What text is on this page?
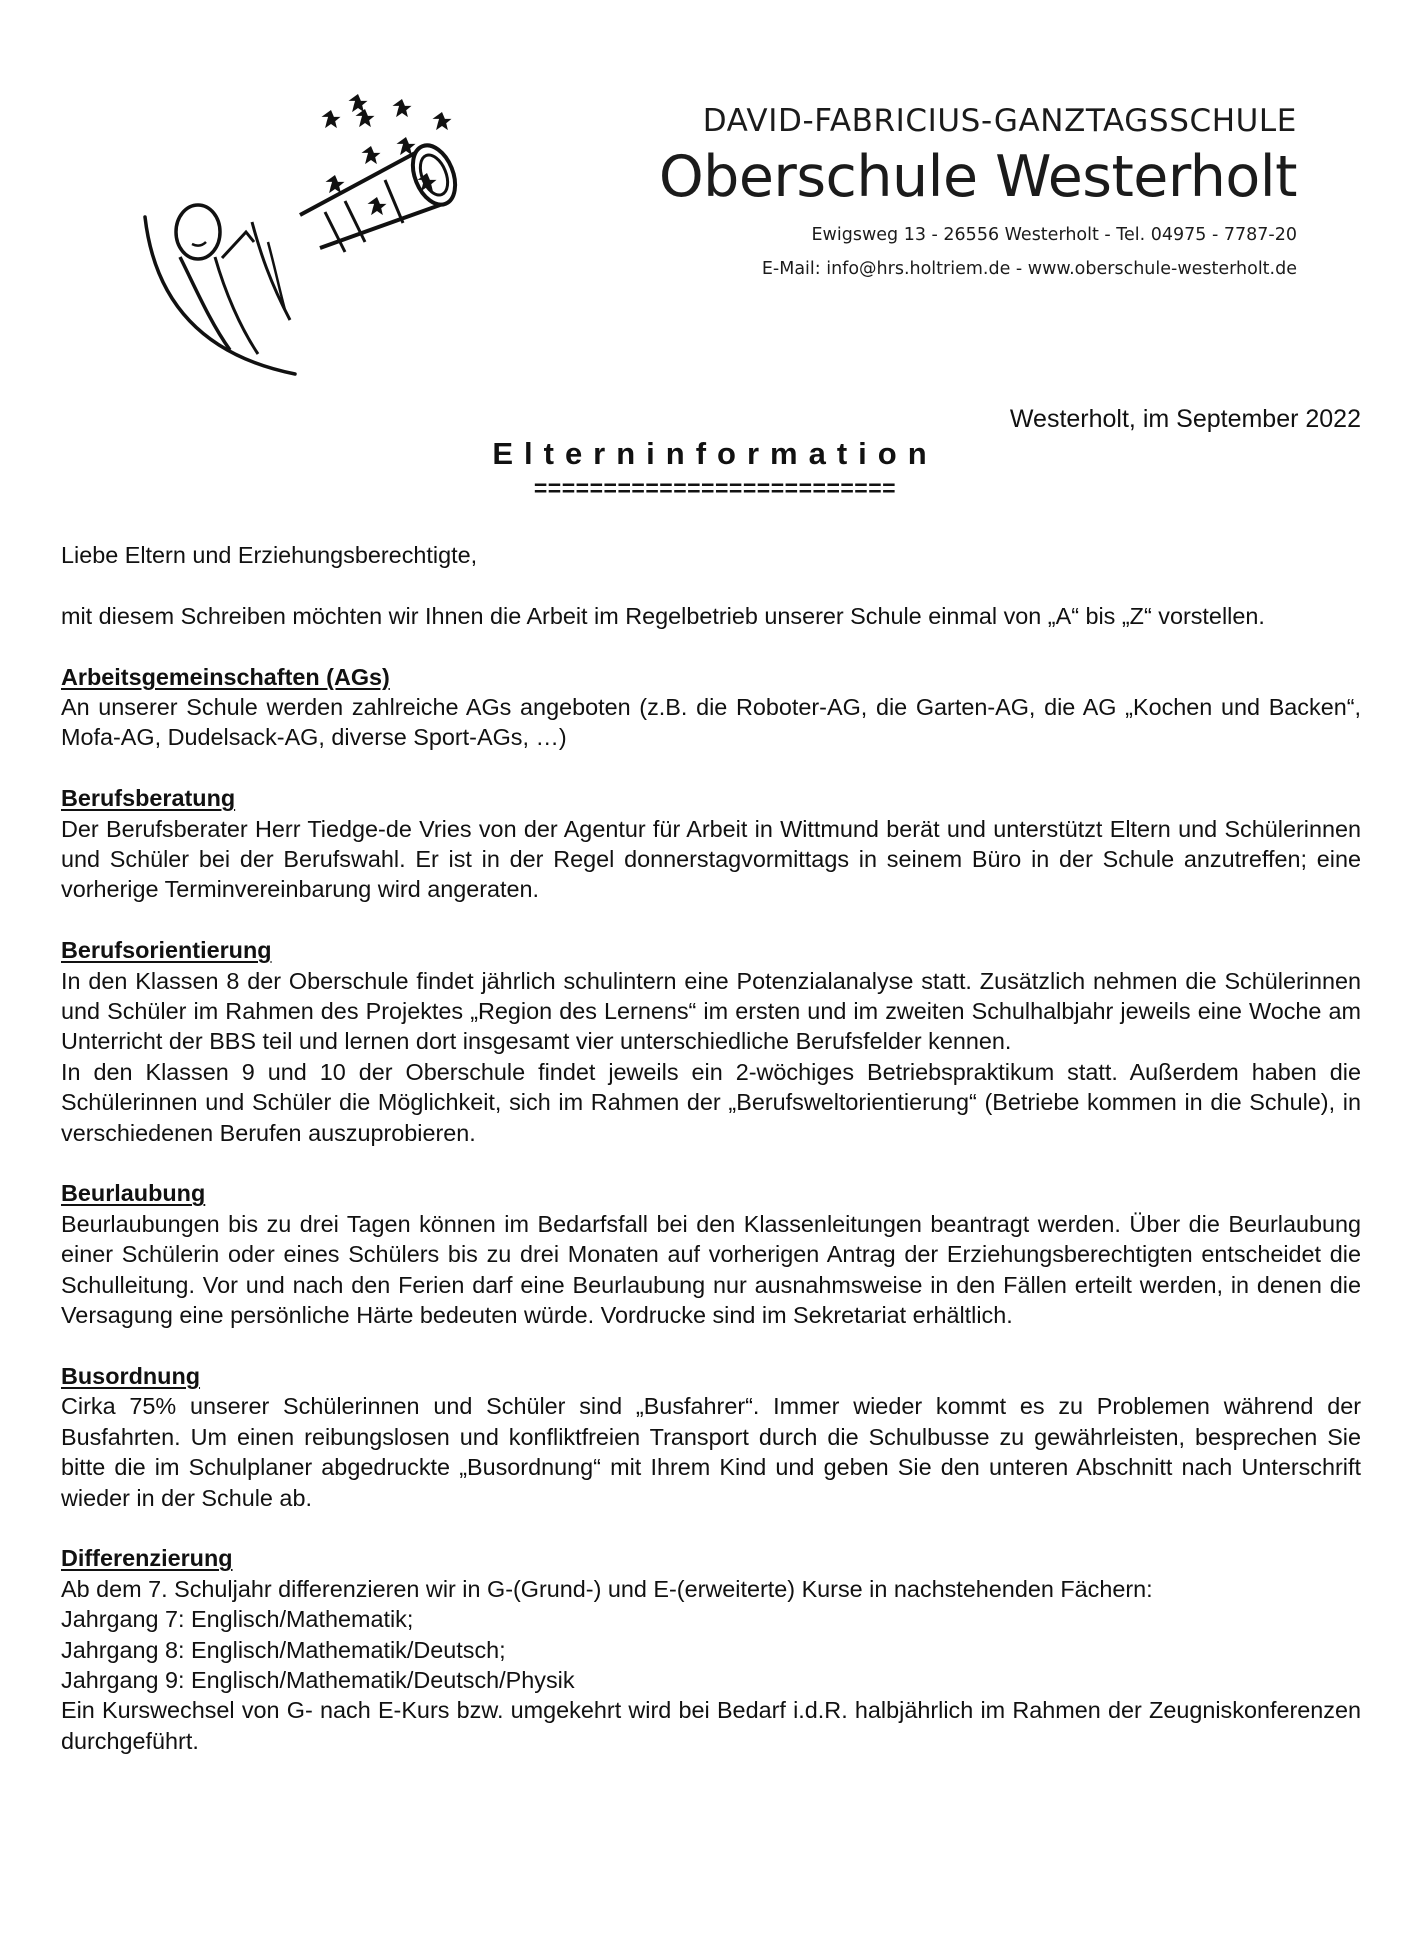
DAVID-FABRICIUS-GANZTAGSSCHULE
Oberschule Westerholt
Ewigsweg 13 - 26556 Westerholt - Tel. 04975 - 7787-20
E-Mail: info@hrs.holtriem.de - www.oberschule-westerholt.de
Westerholt, im September 2022
Elterninformation
==========================

Liebe Eltern und Erziehungsberechtigte,

mit diesem Schreiben möchten wir Ihnen die Arbeit im Regelbetrieb unserer Schule einmal von „A“ bis „Z“ vorstellen.

Arbeitsgemeinschaften (AGs)

An unserer Schule werden zahlreiche AGs angeboten (z.B. die Roboter-AG, die Garten-AG, die AG „Kochen und Backen“, Mofa-AG, Dudelsack-AG, diverse Sport-AGs, …)

Berufsberatung

Der Berufsberater Herr Tiedge-de Vries von der Agentur für Arbeit in Wittmund berät und unterstützt Eltern und Schülerinnen und Schüler bei der Berufswahl. Er ist in der Regel donnerstagvormittags in seinem Büro in der Schule anzutreffen; eine vorherige Terminvereinbarung wird angeraten.

Berufsorientierung

In den Klassen 8 der Oberschule findet jährlich schulintern eine Potenzialanalyse statt. Zusätzlich nehmen die Schülerinnen und Schüler im Rahmen des Projektes „Region des Lernens“ im ersten und im zweiten Schulhalbjahr jeweils eine Woche am Unterricht der BBS teil und lernen dort insgesamt vier unterschiedliche Berufsfelder kennen.

In den Klassen 9 und 10 der Oberschule findet jeweils ein 2-wöchiges Betriebspraktikum statt. Außerdem haben die Schülerinnen und Schüler die Möglichkeit, sich im Rahmen der „Berufsweltorientierung“ (Betriebe kommen in die Schule), in verschiedenen Berufen auszuprobieren.

Beurlaubung

Beurlaubungen bis zu drei Tagen können im Bedarfsfall bei den Klassenleitungen beantragt werden. Über die Beurlaubung einer Schülerin oder eines Schülers bis zu drei Monaten auf vorherigen Antrag der Erziehungsberechtigten entscheidet die Schulleitung. Vor und nach den Ferien darf eine Beurlaubung nur ausnahmsweise in den Fällen erteilt werden, in denen die Versagung eine persönliche Härte bedeuten würde. Vordrucke sind im Sekretariat erhältlich.

Busordnung

Cirka 75% unserer Schülerinnen und Schüler sind „Busfahrer“. Immer wieder kommt es zu Problemen während der Busfahrten. Um einen reibungslosen und konfliktfreien Transport durch die Schulbusse zu gewährleisten, besprechen Sie bitte die im Schulplaner abgedruckte „Busordnung“ mit Ihrem Kind und geben Sie den unteren Abschnitt nach Unterschrift wieder in der Schule ab.

Differenzierung

Ab dem 7. Schuljahr differenzieren wir in G-(Grund-) und E-(erweiterte) Kurse in nachstehenden Fächern:

Jahrgang 7: Englisch/Mathematik;

Jahrgang 8: Englisch/Mathematik/Deutsch;

Jahrgang 9: Englisch/Mathematik/Deutsch/Physik

Ein Kurswechsel von G- nach E-Kurs bzw. umgekehrt wird bei Bedarf i.d.R. halbjährlich im Rahmen der Zeugniskonferenzen durchgeführt.
